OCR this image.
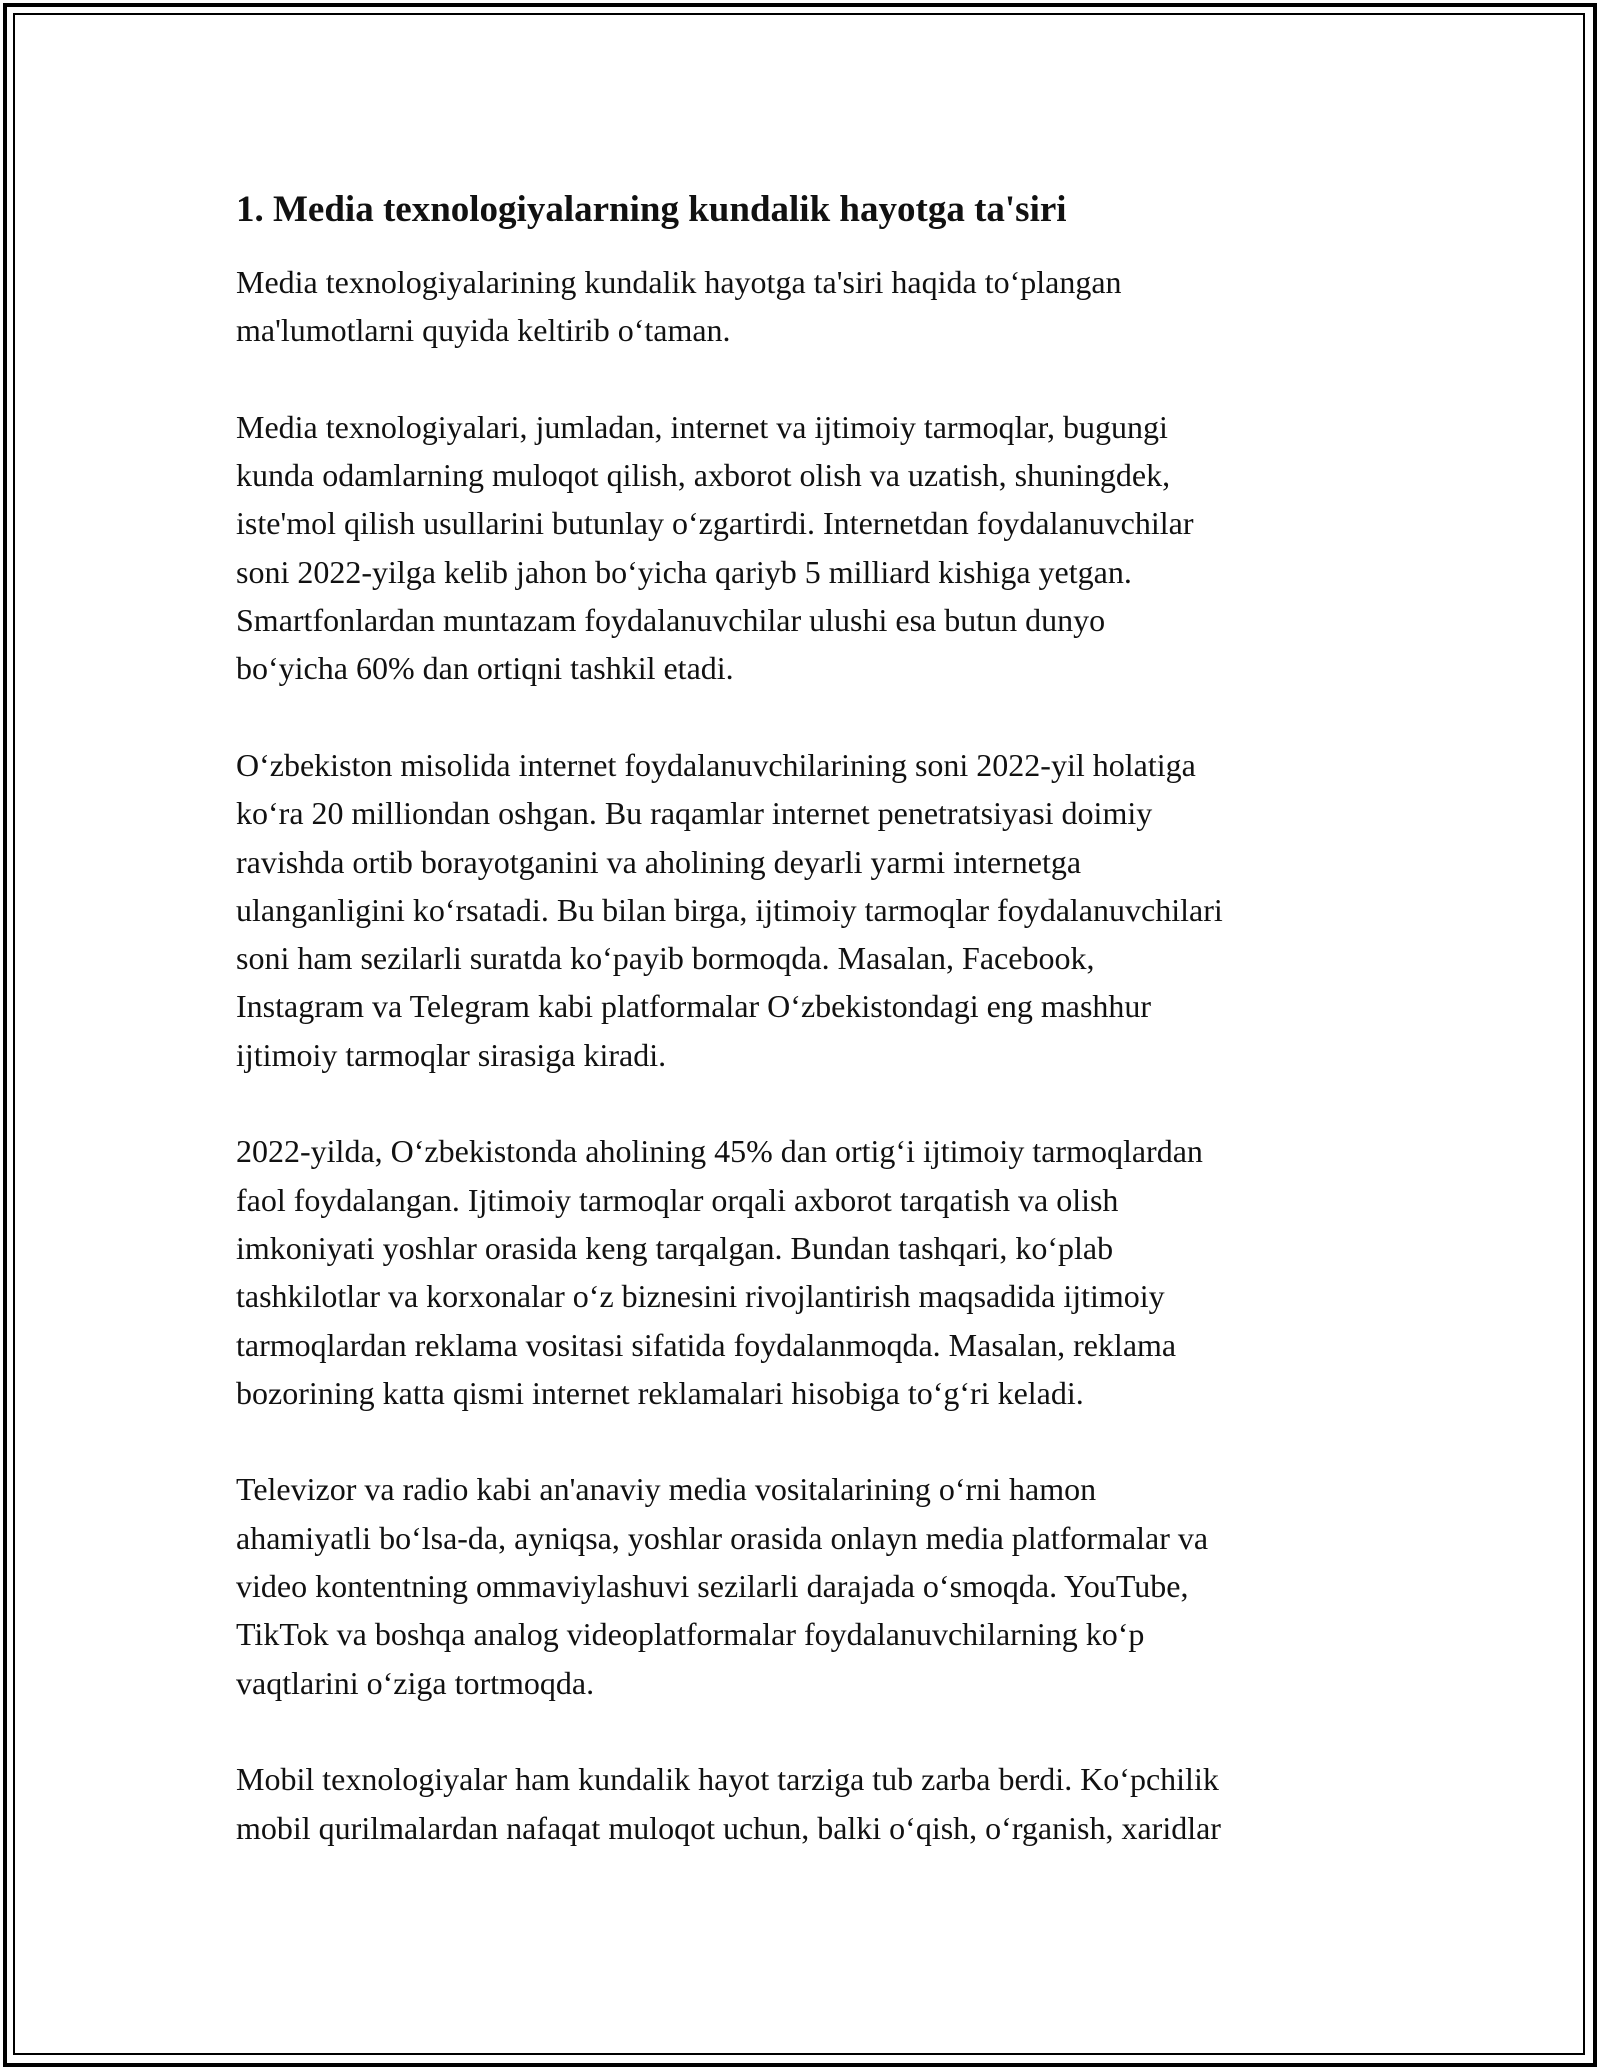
1. Media texnologiyalarning kundalik hayotga ta'siri

Media texnologiyalarining kundalik hayotga ta'siri haqida to‘plangan
ma'lumotlarni quyida keltirib o‘taman.

Media texnologiyalari, jumladan, internet va ijtimoiy tarmoqlar, bugungi
kunda odamlarning muloqot qilish, axborot olish va uzatish, shuningdek,
iste'mol qilish usullarini butunlay o‘zgartirdi. Internetdan foydalanuvchilar
soni 2022-yilga kelib jahon bo‘yicha qariyb 5 milliard kishiga yetgan.
Smartfonlardan muntazam foydalanuvchilar ulushi esa butun dunyo
bo‘yicha 60% dan ortiqni tashkil etadi.

O‘zbekiston misolida internet foydalanuvchilarining soni 2022-yil holatiga
ko‘ra 20 milliondan oshgan. Bu raqamlar internet penetratsiyasi doimiy
ravishda ortib borayotganini va aholining deyarli yarmi internetga
ulanganligini ko‘rsatadi. Bu bilan birga, ijtimoiy tarmoqlar foydalanuvchilari
soni ham sezilarli suratda ko‘payib bormoqda. Masalan, Facebook,
Instagram va Telegram kabi platformalar O‘zbekistondagi eng mashhur
ijtimoiy tarmoqlar sirasiga kiradi.

2022-yilda, O‘zbekistonda aholining 45% dan ortig‘i ijtimoiy tarmoqlardan
faol foydalangan. Ijtimoiy tarmoqlar orqali axborot tarqatish va olish
imkoniyati yoshlar orasida keng tarqalgan. Bundan tashqari, ko‘plab
tashkilotlar va korxonalar o‘z biznesini rivojlantirish maqsadida ijtimoiy
tarmoqlardan reklama vositasi sifatida foydalanmoqda. Masalan, reklama
bozorining katta qismi internet reklamalari hisobiga to‘g‘ri keladi.

Televizor va radio kabi an'anaviy media vositalarining o‘rni hamon
ahamiyatli bo‘lsa-da, ayniqsa, yoshlar orasida onlayn media platformalar va
video kontentning ommaviylashuvi sezilarli darajada o‘smoqda. YouTube,
TikTok va boshqa analog videoplatformalar foydalanuvchilarning ko‘p
vaqtlarini o‘ziga tortmoqda.

Mobil texnologiyalar ham kundalik hayot tarziga tub zarba berdi. Ko‘pchilik
mobil qurilmalardan nafaqat muloqot uchun, balki o‘qish, o‘rganish, xaridlar
